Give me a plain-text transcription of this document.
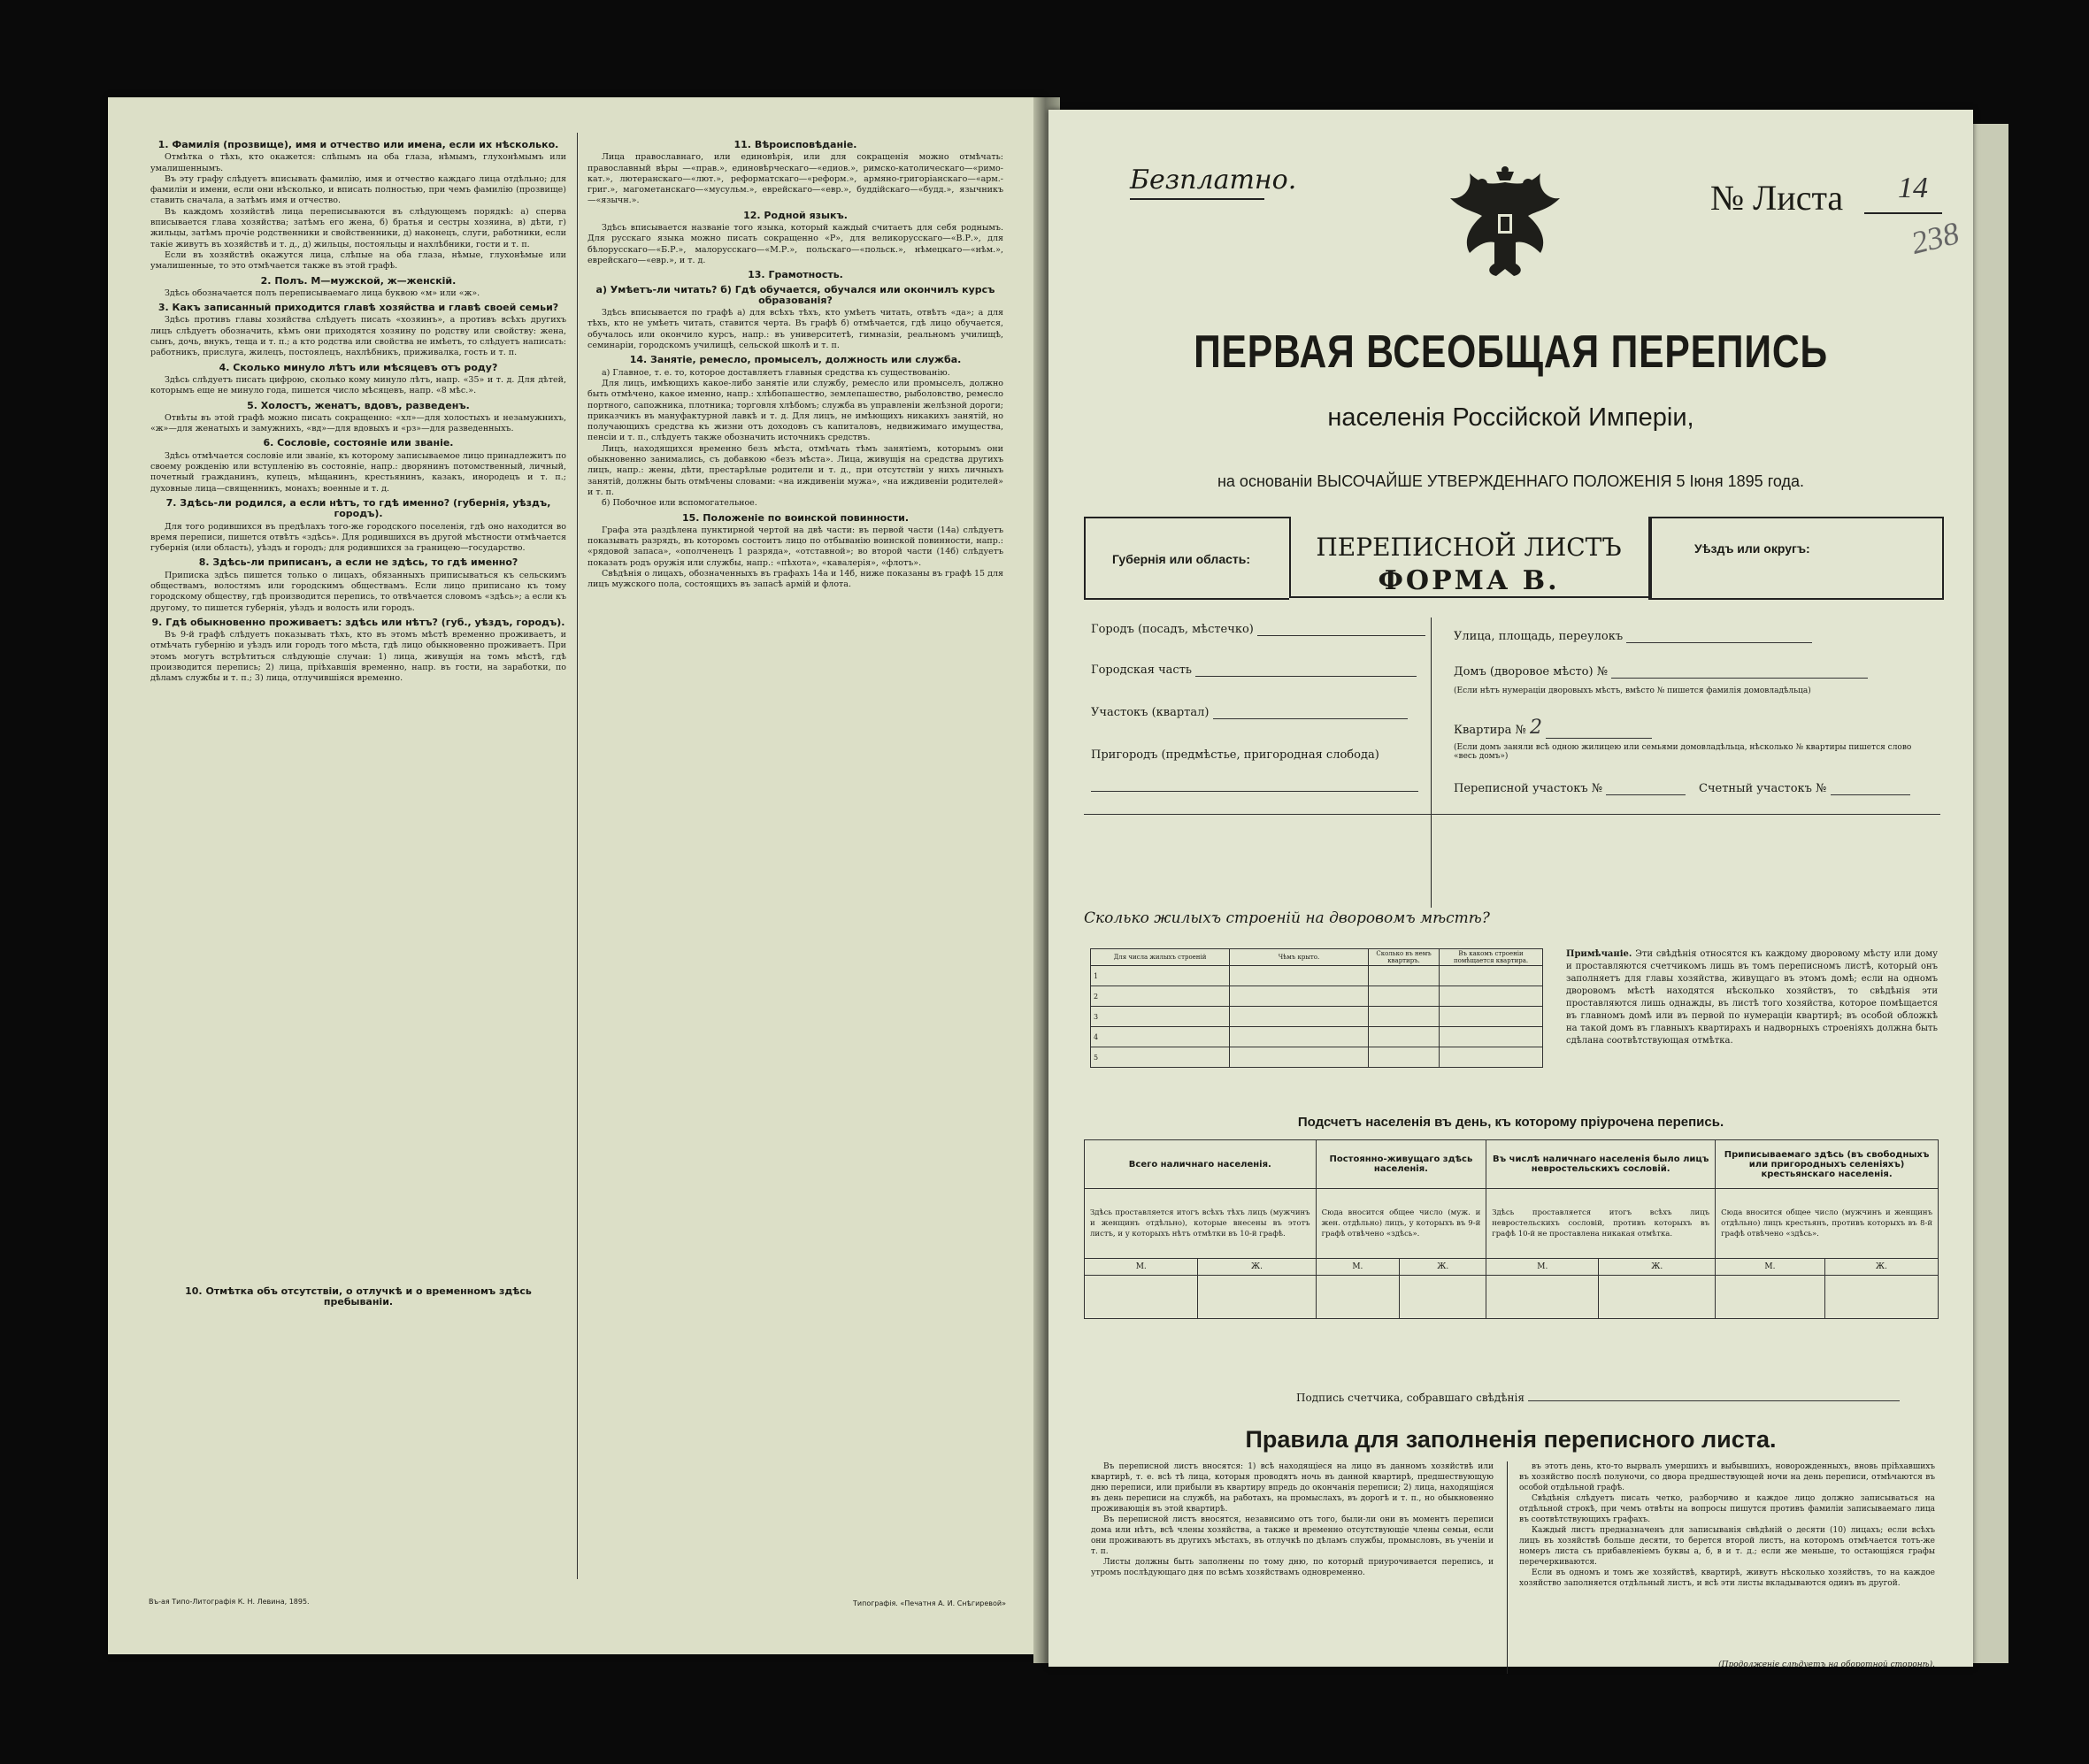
1. Фамилія (прозвище), имя и отчество или имена, если их нѣсколько.

Отмѣтка о тѣхъ, кто окажется: слѣпымъ на оба глаза, нѣмымъ, глухонѣмымъ или умалишеннымъ.

Въ эту графу слѣдуетъ вписывать фамилію, имя и отчество каждаго лица отдѣльно; для фамиліи и имени, если они нѣсколько, и вписать полностью, при чемъ фамилію (прозвище) ставить сначала, а затѣмъ имя и отчество.

Въ каждомъ хозяйствѣ лица переписываются въ слѣдующемъ порядкѣ: а) сперва вписывается глава хозяйства; затѣмъ его жена, б) братья и сестры хозяина, в) дѣти, г) жильцы, затѣмъ прочіе родственники и свойственники, д) наконецъ, слуги, работники, если такіе живутъ въ хозяйствѣ и т. д., д) жильцы, постояльцы и нахлѣбники, гости и т. п.

Если въ хозяйствѣ окажутся лица, слѣпые на оба глаза, нѣмые, глухонѣмые или умалишенные, то это отмѣчается также въ этой графѣ.

2. Полъ. М—мужской, ж—женскій.

Здѣсь обозначается полъ переписываемаго лица буквою «м» или «ж».

3. Какъ записанный приходится главѣ хозяйства и главѣ своей семьи?

Здѣсь противъ главы хозяйства слѣдуетъ писать «хозяинъ», а противъ всѣхъ другихъ лицъ слѣдуетъ обозначить, кѣмъ они приходятся хозяину по родству или свойству: жена, сынъ, дочь, внукъ, теща и т. п.; а кто родства или свойства не имѣетъ, то слѣдуетъ написать: работникъ, прислуга, жилецъ, постоялецъ, нахлѣбникъ, приживалка, гость и т. п.

4. Сколько минуло лѣтъ или мѣсяцевъ отъ роду?

Здѣсь слѣдуетъ писать цифрою, сколько кому минуло лѣтъ, напр. «35» и т. д. Для дѣтей, которымъ еще не минуло года, пишется число мѣсяцевъ, напр. «8 мѣс.».

5. Холостъ, женатъ, вдовъ, разведенъ.

Отвѣты въ этой графѣ можно писать сокращенно: «хл»—для холостыхъ и незамужнихъ, «ж»—для женатыхъ и замужнихъ, «вд»—для вдовыхъ и «рз»—для разведенныхъ.

6. Сословіе, состояніе или званіе.

Здѣсь отмѣчается сословіе или званіе, къ которому записываемое лицо принадлежитъ по своему рожденію или вступленію въ состояніе, напр.: дворянинъ потомственный, личный, почетный гражданинъ, купецъ, мѣщанинъ, крестьянинъ, казакъ, инородецъ и т. п.; духовные лица—священникъ, монахъ; военные и т. д.

7. Здѣсь-ли родился, а если нѣтъ, то гдѣ именно? (губернія, уѣздъ, городъ).

Для того родившихся въ предѣлахъ того-же городского поселенія, гдѣ оно находится во время переписи, пишется отвѣтъ «здѣсь». Для родившихся въ другой мѣстности отмѣчается губернія (или область), уѣздъ и городъ; для родившихся за границею—государство.

8. Здѣсь-ли приписанъ, а если не здѣсь, то гдѣ именно?

Приписка здѣсь пишется только о лицахъ, обязанныхъ приписываться къ сельскимъ обществамъ, волостямъ или городскимъ обществамъ. Если лицо приписано къ тому городскому обществу, гдѣ производится перепись, то отвѣчается словомъ «здѣсь»; а если къ другому, то пишется губернія, уѣздъ и волость или городъ.

9. Гдѣ обыкновенно проживаетъ: здѣсь или нѣтъ? (губ., уѣздъ, городъ).

Въ 9-й графѣ слѣдуетъ показывать тѣхъ, кто въ этомъ мѣстѣ временно проживаетъ, и отмѣчать губернію и уѣздъ или городъ того мѣста, гдѣ лицо обыкновенно проживаетъ. При этомъ могутъ встрѣтиться слѣдующіе случаи: 1) лица, живущія на томъ мѣстѣ, гдѣ производится перепись; 2) лица, пріѣхавшія временно, напр. въ гости, на заработки, по дѣламъ службы и т. п.; 3) лица, отлучившіяся временно.

11. Вѣроисповѣданіе.

Лица православнаго, или единовѣрія, или для сокращенія можно отмѣчать: православный вѣры —«прав.», единовѣрческаго—«едиов.», римско-католическаго—«римо-кат.», лютеранскаго—«лют.», реформатскаго—«реформ.», армяно-григоріанскаго—«арм.-григ.», магометанскаго—«мусульм.», еврейскаго—«евр.», буддійскаго—«будд.», язычникъ—«язычн.».

12. Родной языкъ.

Здѣсь вписывается названіе того языка, который каждый считаетъ для себя роднымъ. Для русскаго языка можно писать сокращенно «Р», для великорусскаго—«В.Р.», для бѣлорусскаго—«Б.Р.», малорусскаго—«М.Р.», польскаго—«польск.», нѣмецкаго—«нѣм.», еврейскаго—«евр.», и т. д.

13. Грамотность.
а) Умѣетъ-ли читать? б) Гдѣ обучается, обучался или окончилъ курсъ образованія?

Здѣсь вписывается по графѣ а) для всѣхъ тѣхъ, кто умѣетъ читать, отвѣтъ «да»; а для тѣхъ, кто не умѣетъ читать, ставится черта. Въ графѣ б) отмѣчается, гдѣ лицо обучается, обучалось или окончило курсъ, напр.: въ университетѣ, гимназіи, реальномъ училищѣ, семинаріи, городскомъ училищѣ, сельской школѣ и т. п.

14. Занятіе, ремесло, промыселъ, должность или служба.

а) Главное, т. е. то, которое доставляетъ главныя средства къ существованію.

Для лицъ, имѣющихъ какое-либо занятіе или службу, ремесло или промыселъ, должно быть отмѣчено, какое именно, напр.: хлѣбопашество, землепашество, рыболовство, ремесло портного, сапожника, плотника; торговля хлѣбомъ; служба въ управленіи желѣзной дороги; приказчикъ въ мануфактурной лавкѣ и т. д. Для лицъ, не имѣющихъ никакихъ занятій, но получающихъ средства къ жизни отъ доходовъ съ капиталовъ, недвижимаго имущества, пенсіи и т. п., слѣдуетъ также обозначить источникъ средствъ.

Лицъ, находящихся временно безъ мѣста, отмѣчать тѣмъ занятіемъ, которымъ они обыкновенно занимались, съ добавкою «безъ мѣста». Лица, живущія на средства другихъ лицъ, напр.: жены, дѣти, престарѣлые родители и т. д., при отсутствіи у нихъ личныхъ занятій, должны быть отмѣчены словами: «на иждивеніи мужа», «на иждивеніи родителей» и т. п.

б) Побочное или вспомогательное.

15. Положеніе по воинской повинности.

Графа эта раздѣлена пунктирной чертой на двѣ части: въ первой части (14а) слѣдуетъ показывать разрядъ, въ которомъ состоитъ лицо по отбыванію воинской повинности, напр.: «рядовой запаса», «ополченецъ 1 разряда», «отставной»; во второй части (14б) слѣдуетъ показать родъ оружія или службы, напр.: «пѣхота», «кавалерія», «флотъ».

Свѣдѣнія о лицахъ, обозначенныхъ въ графахъ 14а и 14б, ниже показаны въ графѣ 15 для лицъ мужского пола, состоящихъ въ запасѣ армій и флота.

10. Отмѣтка объ отсутствіи, о отлучкѣ и о временномъ здѣсь пребываніи.
Въ-ая Типо-Литографія К. Н. Левина, 1895.	Типографія. «Печатня А. И. Снѣгиревой»
Безплатно.	№ Листа 14
238
ПЕРВАЯ ВСЕОБЩАЯ ПЕРЕПИСЬ
населенія Россійской Имперіи,
на основаніи ВЫСОЧАЙШЕ УТВЕРЖДЕННАГО ПОЛОЖЕНІЯ 5 Іюня 1895 года.
Губернія или область:	ПЕРЕПИСНОЙ ЛИСТЪ
ФОРМА В.
Уѣздъ или округъ:
Городъ (посадъ, мѣстечко)
Городская часть
Участокъ (квартал)
Пригородъ (предмѣстье, пригородная слобода)
Улица, площадь, переулокъ
Домъ (дворовое мѣсто) №
(Если нѣтъ нумераціи дворовыхъ мѣстъ, вмѣсто № пишется фамилія домовладѣльца)
Квартира № 2
(Если домъ заняли всѣ одною жилицею или семьями домовладѣльца, нѣсколько № квартиры пишется слово «весь домъ»)
Переписной участокъ №	Счетный участокъ №
Сколько жилыхъ строеній на дворовомъ мѣстѣ?
Для числа жилыхъ строеній	Чѣмъ крыто.	Сколько въ немъ квартиръ.	Въ какомъ строеніи помѣщается квартира.
1			
2			
3			
4			
5			
Примѣчаніе. Эти свѣдѣнія относятся къ каждому дворовому мѣсту или дому и проставляются счетчикомъ лишь въ томъ переписномъ листѣ, который онъ заполняетъ для главы хозяйства, живущаго въ этомъ домѣ; если на одномъ дворовомъ мѣстѣ находятся нѣсколько хозяйствъ, то свѣдѣнія эти проставляются лишь однажды, въ листѣ того хозяйства, которое помѣщается въ главномъ домѣ или въ первой по нумераціи квартирѣ; въ особой обложкѣ на такой домъ въ главныхъ квартирахъ и надворныхъ строеніяхъ должна быть сдѣлана соотвѣтствующая отмѣтка.
Подсчетъ населенія въ день, къ которому пріурочена перепись.
Всего наличнаго населенія.		Постоянно-живущаго здѣсь населенія.		Въ числѣ наличнаго населенія было лицъ невростельскихъ сословій.		Приписываемаго здѣсь (въ свободныхъ или пригородныхъ селеніяхъ) крестьянскаго населенія.	
Здѣсь проставляется итогъ всѣхъ тѣхъ лицъ (мужчинъ и женщинъ отдѣльно), которые внесены въ этотъ листъ, и у которыхъ нѣтъ отмѣтки въ 10-й графѣ.		Сюда вносится общее число (муж. и жен. отдѣльно) лицъ, у которыхъ въ 9-й графѣ отвѣчено «здѣсь».		Здѣсь проставляется итогъ всѣхъ лицъ невростельскихъ сословій, противъ которыхъ въ графѣ 10-й не проставлена никакая отмѣтка.		Сюда вносится общее число (мужчинъ и женщинъ отдѣльно) лицъ крестьянъ, противъ которыхъ въ 8-й графѣ отвѣчено «здѣсь».	
М.	Ж.	М.	Ж.	М.	Ж.	М.	Ж.

Подпись счетчика, собравшаго свѣдѣнія
Правила для заполненія переписного листа.

Въ переписной листъ вносятся: 1) всѣ находящіеся на лицо въ данномъ хозяйствѣ или квартирѣ, т. е. всѣ тѣ лица, которыя проводятъ ночь въ данной квартирѣ, предшествующую дню переписи, или прибыли въ квартиру впредь до окончанія переписи; 2) лица, находящіяся въ день переписи на службѣ, на работахъ, на промыслахъ, въ дорогѣ и т. п., но обыкновенно проживающія въ этой квартирѣ.

Въ переписной листъ вносятся, независимо отъ того, были-ли они въ моментъ переписи дома или нѣтъ, всѣ члены хозяйства, а также и временно отсутствующіе члены семьи, если они проживаютъ въ другихъ мѣстахъ, въ отлучкѣ по дѣламъ службы, промысловъ, въ ученіи и т. п.

Листы должны быть заполнены по тому дню, по который приурочивается перепись, и утромъ послѣдующаго дня по всѣмъ хозяйствамъ одновременно.

въ этотъ день, кто-то вырвалъ умершихъ и выбывшихъ, новорожденныхъ, вновь пріѣхавшихъ въ хозяйство послѣ полуночи, со двора предшествующей ночи на день переписи, отмѣчаются въ особой отдѣльной графѣ.

Свѣдѣнія слѣдуетъ писать четко, разборчиво и каждое лицо должно записываться на отдѣльной строкѣ, при чемъ отвѣты на вопросы пишутся противъ фамиліи записываемаго лица въ соотвѣтствующихъ графахъ.

Каждый листъ предназначенъ для записыванія свѣдѣній о десяти (10) лицахъ; если всѣхъ лицъ въ хозяйствѣ больше десяти, то берется второй листъ, на которомъ отмѣчается тотъ-же номеръ листа съ прибавленіемъ буквы а, б, в и т. д.; если же меньше, то остающіяся графы перечеркиваются.

Если въ одномъ и томъ же хозяйствѣ, квартирѣ, живутъ нѣсколько хозяйствъ, то на каждое хозяйство заполняется отдѣльный листъ, и всѣ эти листы вкладываются одинъ въ другой.

(Продолженіе слѣдуетъ на оборотной сторонѣ).
